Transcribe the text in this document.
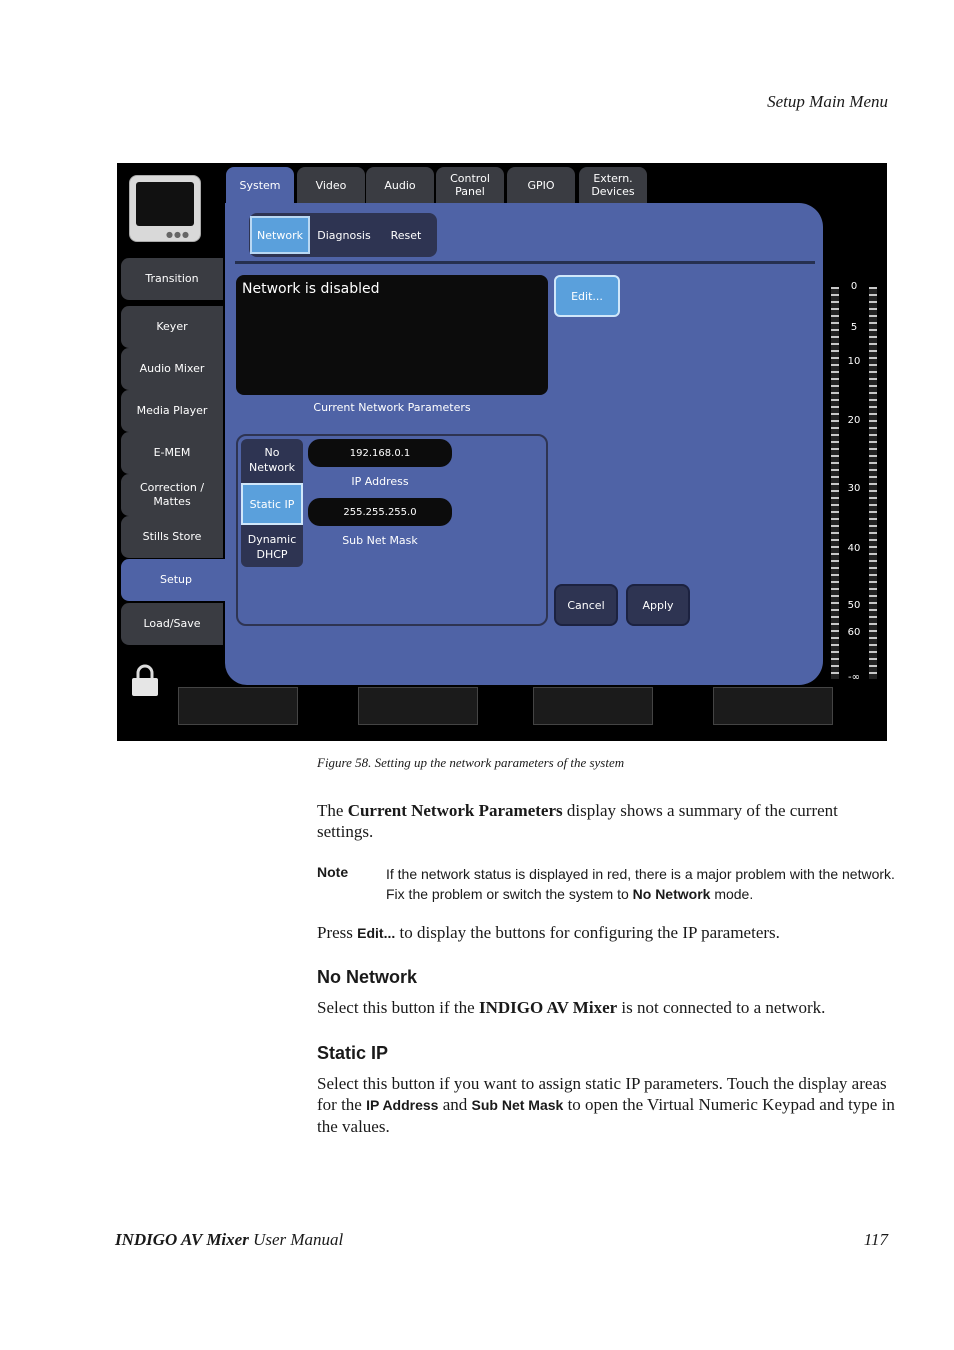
Setup Main Menu
●●●
Transition
Keyer
Audio Mixer
Media Player
E-MEM
Correction / Mattes
Stills Store
Setup
Load/Save
System	Video	Audio	Control Panel	GPIO	Extern. Devices
Network	Diagnosis	Reset
Network is disabled
Current Network Parameters
Edit...
No Network
Static IP
Dynamic DHCP
192.168.0.1
IP Address
255.255.255.0
Sub Net Mask
Cancel	Apply
0
5
10
20
30
40
50
60
-∞
Figure 58. Setting up the network parameters of the system
The Current Network Parameters display shows a summary of the current settings.
Note	If the network status is displayed in red, there is a major problem with the network. Fix the problem or switch the system to No Network mode.
Press Edit... to display the buttons for configuring the IP parameters.
No Network
Select this button if the INDIGO AV Mixer is not connected to a network.
Static IP
Select this button if you want to assign static IP parameters. Touch the display areas for the IP Address and Sub Net Mask to open the Virtual Numeric Keypad and type in the values.
INDIGO AV Mixer User Manual	117
